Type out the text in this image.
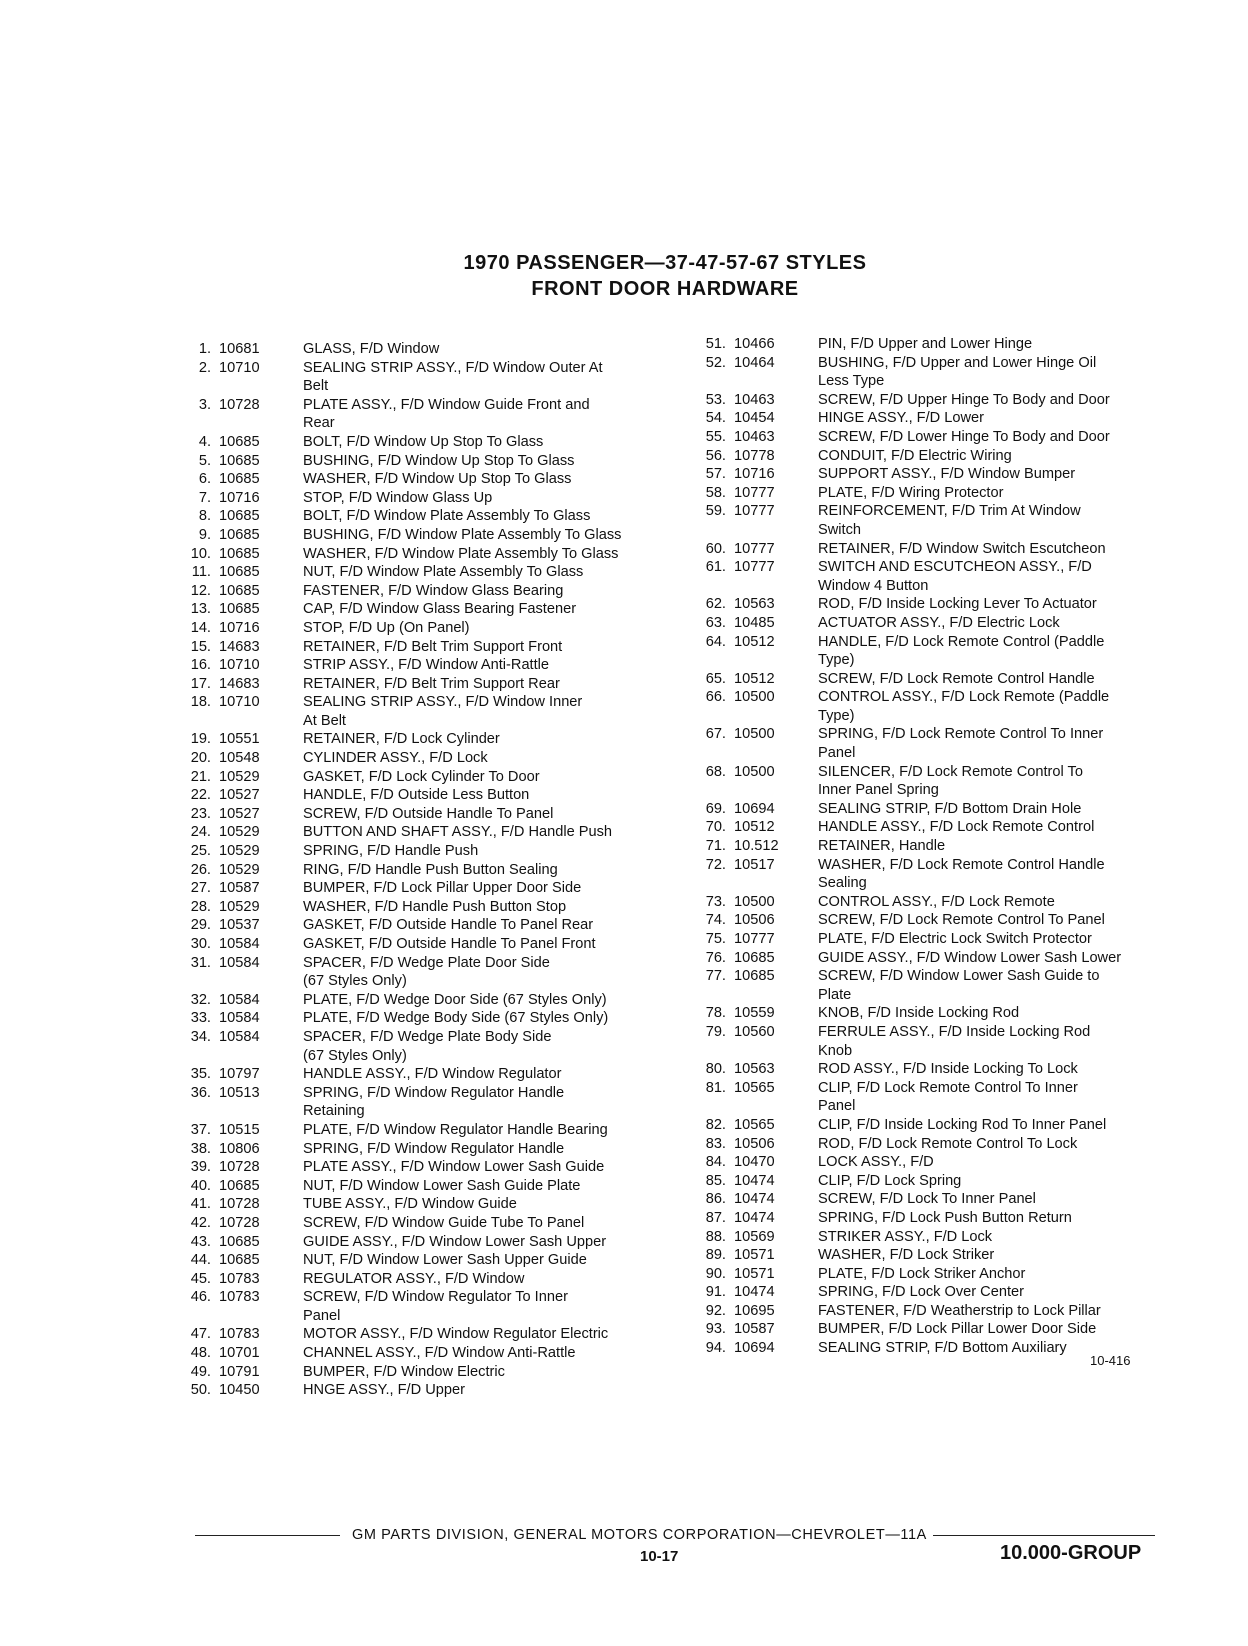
1970 PASSENGER—37-47-57-67 STYLES
FRONT DOOR HARDWARE
1. 10681	GLASS, F/D Window
2. 10710	SEALING STRIP ASSY., F/D Window Outer At
Belt
3. 10728	PLATE ASSY., F/D Window Guide Front and
Rear
4. 10685	BOLT, F/D Window Up Stop To Glass
5. 10685	BUSHING, F/D Window Up Stop To Glass
6. 10685	WASHER, F/D Window Up Stop To Glass
7. 10716	STOP, F/D Window Glass Up
8. 10685	BOLT, F/D Window Plate Assembly To Glass
9. 10685	BUSHING, F/D Window Plate Assembly To Glass
10. 10685	WASHER, F/D Window Plate Assembly To Glass
11. 10685	NUT, F/D Window Plate Assembly To Glass
12. 10685	FASTENER, F/D Window Glass Bearing
13. 10685	CAP, F/D Window Glass Bearing Fastener
14. 10716	STOP, F/D Up (On Panel)
15. 14683	RETAINER, F/D Belt Trim Support Front
16. 10710	STRIP ASSY., F/D Window Anti-Rattle
17. 14683	RETAINER, F/D Belt Trim Support Rear
18. 10710	SEALING STRIP ASSY., F/D Window Inner
At Belt
19. 10551	RETAINER, F/D Lock Cylinder
20. 10548	CYLINDER ASSY., F/D Lock
21. 10529	GASKET, F/D Lock Cylinder To Door
22. 10527	HANDLE, F/D Outside Less Button
23. 10527	SCREW, F/D Outside Handle To Panel
24. 10529	BUTTON AND SHAFT ASSY., F/D Handle Push
25. 10529	SPRING, F/D Handle Push
26. 10529	RING, F/D Handle Push Button Sealing
27. 10587	BUMPER, F/D Lock Pillar Upper Door Side
28. 10529	WASHER, F/D Handle Push Button Stop
29. 10537	GASKET, F/D Outside Handle To Panel Rear
30. 10584	GASKET, F/D Outside Handle To Panel Front
31. 10584	SPACER, F/D Wedge Plate Door Side
(67 Styles Only)
32. 10584	PLATE, F/D Wedge Door Side (67 Styles Only)
33. 10584	PLATE, F/D Wedge Body Side (67 Styles Only)
34. 10584	SPACER, F/D Wedge Plate Body Side
(67 Styles Only)
35. 10797	HANDLE ASSY., F/D Window Regulator
36. 10513	SPRING, F/D Window Regulator Handle
Retaining
37. 10515	PLATE, F/D Window Regulator Handle Bearing
38. 10806	SPRING, F/D Window Regulator Handle
39. 10728	PLATE ASSY., F/D Window Lower Sash Guide
40. 10685	NUT, F/D Window Lower Sash Guide Plate
41. 10728	TUBE ASSY., F/D Window Guide
42. 10728	SCREW, F/D Window Guide Tube To Panel
43. 10685	GUIDE ASSY., F/D Window Lower Sash Upper
44. 10685	NUT, F/D Window Lower Sash Upper Guide
45. 10783	REGULATOR ASSY., F/D Window
46. 10783	SCREW, F/D Window Regulator To Inner
Panel
47. 10783	MOTOR ASSY., F/D Window Regulator Electric
48. 10701	CHANNEL ASSY., F/D Window Anti-Rattle
49. 10791	BUMPER, F/D Window Electric
50. 10450	HNGE ASSY., F/D Upper
51. 10466	PIN, F/D Upper and Lower Hinge
52. 10464	BUSHING, F/D Upper and Lower Hinge Oil
Less Type
53. 10463	SCREW, F/D Upper Hinge To Body and Door
54. 10454	HINGE ASSY., F/D Lower
55. 10463	SCREW, F/D Lower Hinge To Body and Door
56. 10778	CONDUIT, F/D Electric Wiring
57. 10716	SUPPORT ASSY., F/D Window Bumper
58. 10777	PLATE, F/D Wiring Protector
59. 10777	REINFORCEMENT, F/D Trim At Window
Switch
60. 10777	RETAINER, F/D Window Switch Escutcheon
61. 10777	SWITCH AND ESCUTCHEON ASSY., F/D
Window 4 Button
62. 10563	ROD, F/D Inside Locking Lever To Actuator
63. 10485	ACTUATOR ASSY., F/D Electric Lock
64. 10512	HANDLE, F/D Lock Remote Control (Paddle
Type)
65. 10512	SCREW, F/D Lock Remote Control Handle
66. 10500	CONTROL ASSY., F/D Lock Remote (Paddle
Type)
67. 10500	SPRING, F/D Lock Remote Control To Inner
Panel
68. 10500	SILENCER, F/D Lock Remote Control To
Inner Panel Spring
69. 10694	SEALING STRIP, F/D Bottom Drain Hole
70. 10512	HANDLE ASSY., F/D Lock Remote Control
71. 10.512	RETAINER, Handle
72. 10517	WASHER, F/D Lock Remote Control Handle
Sealing
73. 10500	CONTROL ASSY., F/D Lock Remote
74. 10506	SCREW, F/D Lock Remote Control To Panel
75. 10777	PLATE, F/D Electric Lock Switch Protector
76. 10685	GUIDE ASSY., F/D Window Lower Sash Lower
77. 10685	SCREW, F/D Window Lower Sash Guide to
Plate
78. 10559	KNOB, F/D Inside Locking Rod
79. 10560	FERRULE ASSY., F/D Inside Locking Rod
Knob
80. 10563	ROD ASSY., F/D Inside Locking To Lock
81. 10565	CLIP, F/D Lock Remote Control To Inner
Panel
82. 10565	CLIP, F/D Inside Locking Rod To Inner Panel
83. 10506	ROD, F/D Lock Remote Control To Lock
84. 10470	LOCK ASSY., F/D
85. 10474	CLIP, F/D Lock Spring
86. 10474	SCREW, F/D Lock To Inner Panel
87. 10474	SPRING, F/D Lock Push Button Return
88. 10569	STRIKER ASSY., F/D Lock
89. 10571	WASHER, F/D Lock Striker
90. 10571	PLATE, F/D Lock Striker Anchor
91. 10474	SPRING, F/D Lock Over Center
92. 10695	FASTENER, F/D Weatherstrip to Lock Pillar
93. 10587	BUMPER, F/D Lock Pillar Lower Door Side
94. 10694	SEALING STRIP, F/D Bottom Auxiliary
10-416
GM PARTS DIVISION, GENERAL MOTORS CORPORATION—CHEVROLET—11A
10-17	10.000-GROUP
